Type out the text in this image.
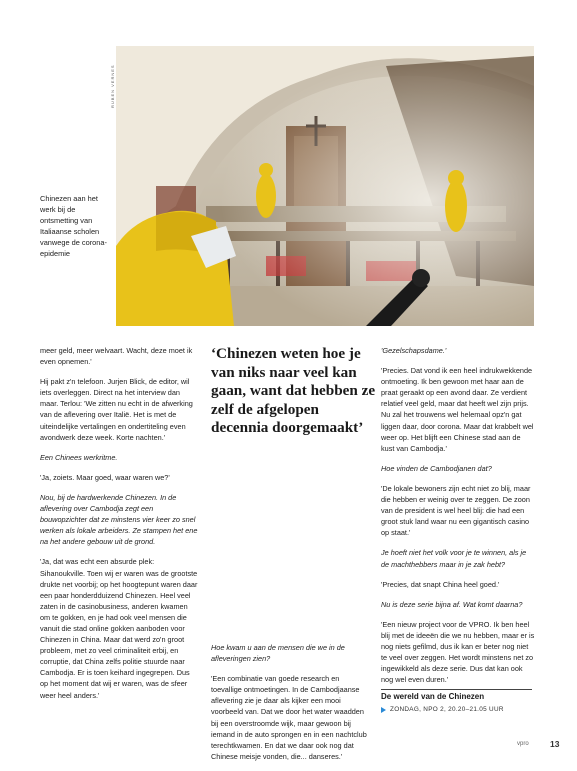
RUBEN VERNES
Chinezen aan het werk bij de ontsmetting van Italiaanse scholen vanwege de corona-epidemie

meer geld, meer welvaart. Wacht, deze moet ik even opnemen.'

Hij pakt z'n telefoon. Jurjen Blick, de editor, wil iets overleggen. Direct na het interview dan maar. Terlou: 'We zitten nu echt in de afwerking van de aflevering over Italië. Het is met de uiteindelijke vertalingen en ondertiteling even avondwerk deze week. Korte nachten.'

Een Chinees werkritme.

'Ja, zoiets. Maar goed, waar waren we?'

Nou, bij de hardwerkende Chinezen. In de aflevering over Cambodja zegt een bouwopzichter dat ze minstens vier keer zo snel werken als lokale arbeiders. Ze stampen het ene na het andere gebouw uit de grond.

'Ja, dat was echt een absurde plek: Sihanoukville. Toen wij er waren was de grootste drukte net voorbij; op het hoogtepunt waren daar een paar honderdduizend Chinezen. Heel veel zaten in de casinobusiness, anderen kwamen om te gokken, en je had ook veel mensen die vanuit die stad online gokken aanboden voor Chinezen in China. Maar dat werd zo'n groot probleem, met zo veel criminaliteit erbij, en corruptie, dat China zelfs politie stuurde naar Cambodja. Er is toen keihard ingegrepen. Dus op het moment dat wij er waren, was de sfeer weer heel anders.'

‘Chinezen weten hoe je van niks naar veel kan gaan, want dat hebben ze zelf de afgelopen decennia doorgemaakt’

Hoe kwam u aan de mensen die we in de afleveringen zien?

'Een combinatie van goede research en toevallige ontmoetingen. In de Cambodjaanse aflevering zie je daar als kijker een mooi voorbeeld van. Dat we door het water waadden bij een overstroomde wijk, maar gewoon bij iemand in de auto sprongen en in een nachtclub terechtkwamen. En dat we daar ook nog dat Chinese meisje vonden, die... danseres.'

'Gezelschapsdame.'

'Precies. Dat vond ik een heel indrukwekkende ontmoeting. Ik ben gewoon met haar aan de praat geraakt op een avond daar. Ze verdient relatief veel geld, maar dat heeft wel zijn prijs. Nu zal het trouwens wel helemaal opz'n gat liggen daar, door corona. Maar dat krabbelt wel weer op. Het blijft een Chinese stad aan de kust van Cambodja.'

Hoe vinden de Cambodjanen dat?

'De lokale bewoners zijn echt niet zo blij, maar die hebben er weinig over te zeggen. De zoon van de president is wel heel blij: die had een groot stuk land waar nu een gigantisch casino op staat.'

Je hoeft niet het volk voor je te winnen, als je de machthebbers maar in je zak hebt?

'Precies, dat snapt China heel goed.'

Nu is deze serie bijna af. Wat komt daarna?

'Een nieuw project voor de VPRO. Ik ben heel blij met de ideeën die we nu hebben, maar er is nog niets gefilmd, dus ik kan er beter nog niet te veel over zeggen. Het wordt minstens net zo ingewikkeld als deze serie. Dus dat kan ook nog wel even duren.'

De wereld van de Chinezen
ZONDAG, NPO 2, 20.20–21.05 UUR
vpro	13
